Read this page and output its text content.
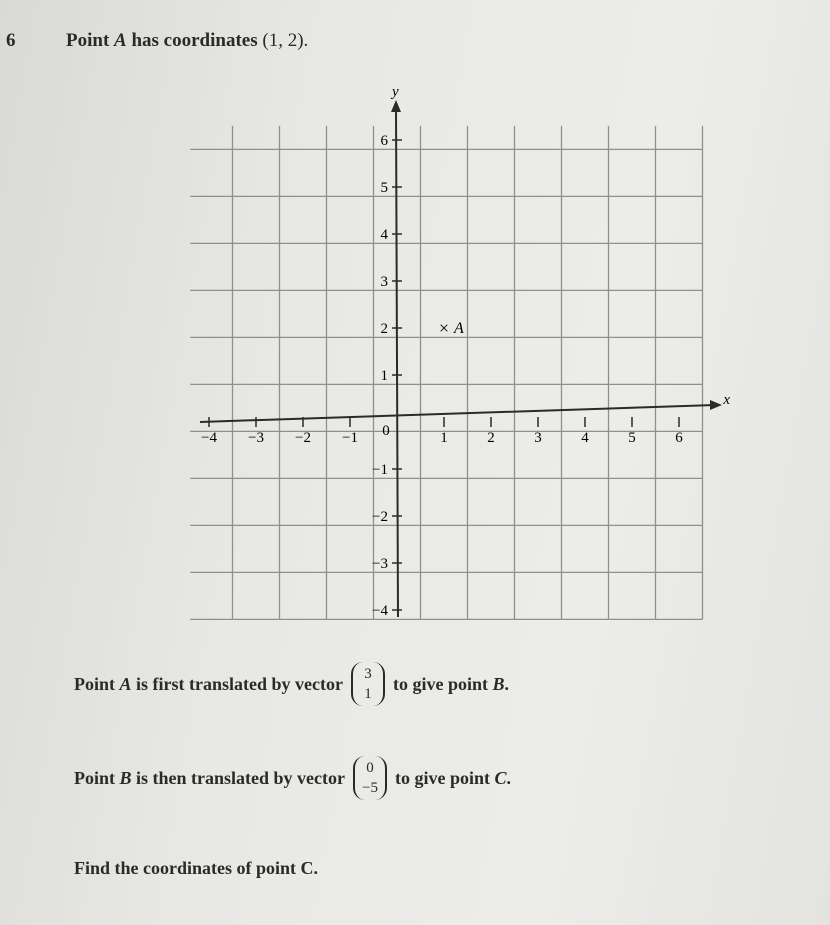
6	Point A has coordinates (1, 2).
x
y
0
−4 −3 −2 −1	1	2	3	4	5	6
6
5
4
3
2
1
−1
−2
−3
−4
× A
Point A is first translated by vector 3
1
to give point B.
Point B is then translated by vector 0
−5
to give point C.
Find the coordinates of point C.
